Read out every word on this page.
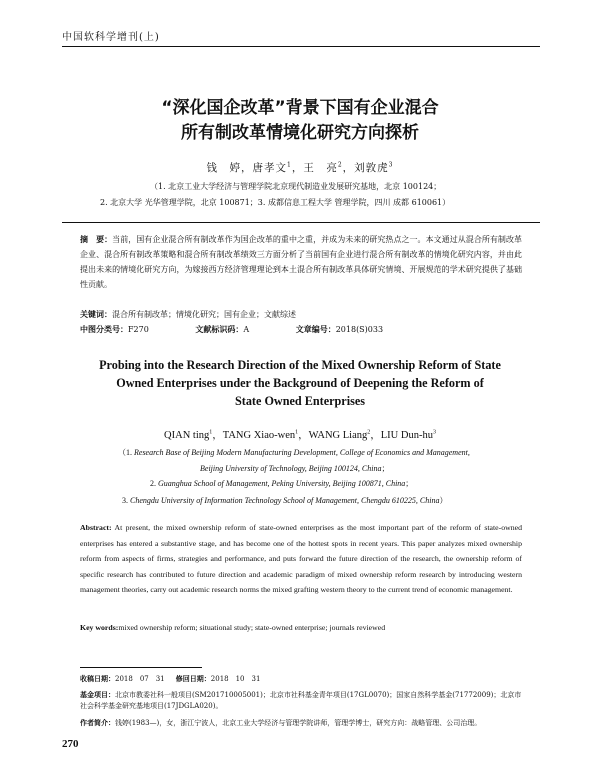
中国软科学增刊(上)
“深化国企改革”背景下国有企业混合
所有制改革情境化研究方向探析
钱　婷，唐孝文$^1$，王　亮$^2$，刘敦虎$^3$
（1. 北京工业大学经济与管理学院北京现代制造业发展研究基地，北京 100124；
2. 北京大学 光华管理学院，北京 100871；3. 成都信息工程大学 管理学院，四川 成都 610061）
摘　要：当前，国有企业混合所有制改革作为国企改革的重中之重，并成为未来的研究热点之一。本文通过从混合所有制改革企业、混合所有制改革策略和混合所有制改革绩效三方面分析了当前国有企业进行混合所有制改革的情境化研究内容，并由此提出未来的情境化研究方向，为嫁接西方经济管理理论到本土混合所有制改革具体研究情境、开展规范的学术研究提供了基础性贡献。
关键词：混合所有制改革；情境化研究；国有企业；文献综述
中图分类号：F270	文献标识码：A	文章编号：2018(S)033
Probing into the Research Direction of the Mixed Ownership Reform of State
Owned Enterprises under the Background of Deepening the Reform of
State Owned Enterprises
QIAN ting$^1$，TANG Xiao-wen$^1$，WANG Liang$^2$，LIU Dun-$hu^3$
（1. Research Base of Beijing Modern Manufacturing Development, College of Economics and Management,
Beijing University of Technology, Beijing 100124, China；
2. Guanghua School of Management, Peking University, Beijing 100871, China；
3. Chengdu University of Information Technology School of Management, Chengdu 610225, China）
Abstract: At present, the mixed ownership reform of state-owned enterprises as the most important part of the reform of state-owned enterprises has entered a substantive stage, and has become one of the hottest spots in recent years. This paper analyzes mixed ownership reform from aspects of firms, strategies and performance, and puts forward the future direction of the research, the ownership reform of specific research has contributed to future direction and academic paradigm of mixed ownership reform research by introducing western management theories, carry out academic research norms the mixed grafting western theory to the current trend of economic management.
Key words:mixed ownership reform; situational study; state-owned enterprise; journals reviewed
收稿日期：2018　07　31 修回日期：2018　10　31
基金项目：北京市教委社科一般项目(SM201710005001)；北京市社科基金青年项目(17GL0070)；国家自然科学基金(71772009)；北京市社会科学基金研究基地项目(17JDGLA020)。
作者简介：钱婷(1983—)，女，浙江宁波人，北京工业大学经济与管理学院讲师，管理学博士，研究方向：战略管理、公司治理。
270
